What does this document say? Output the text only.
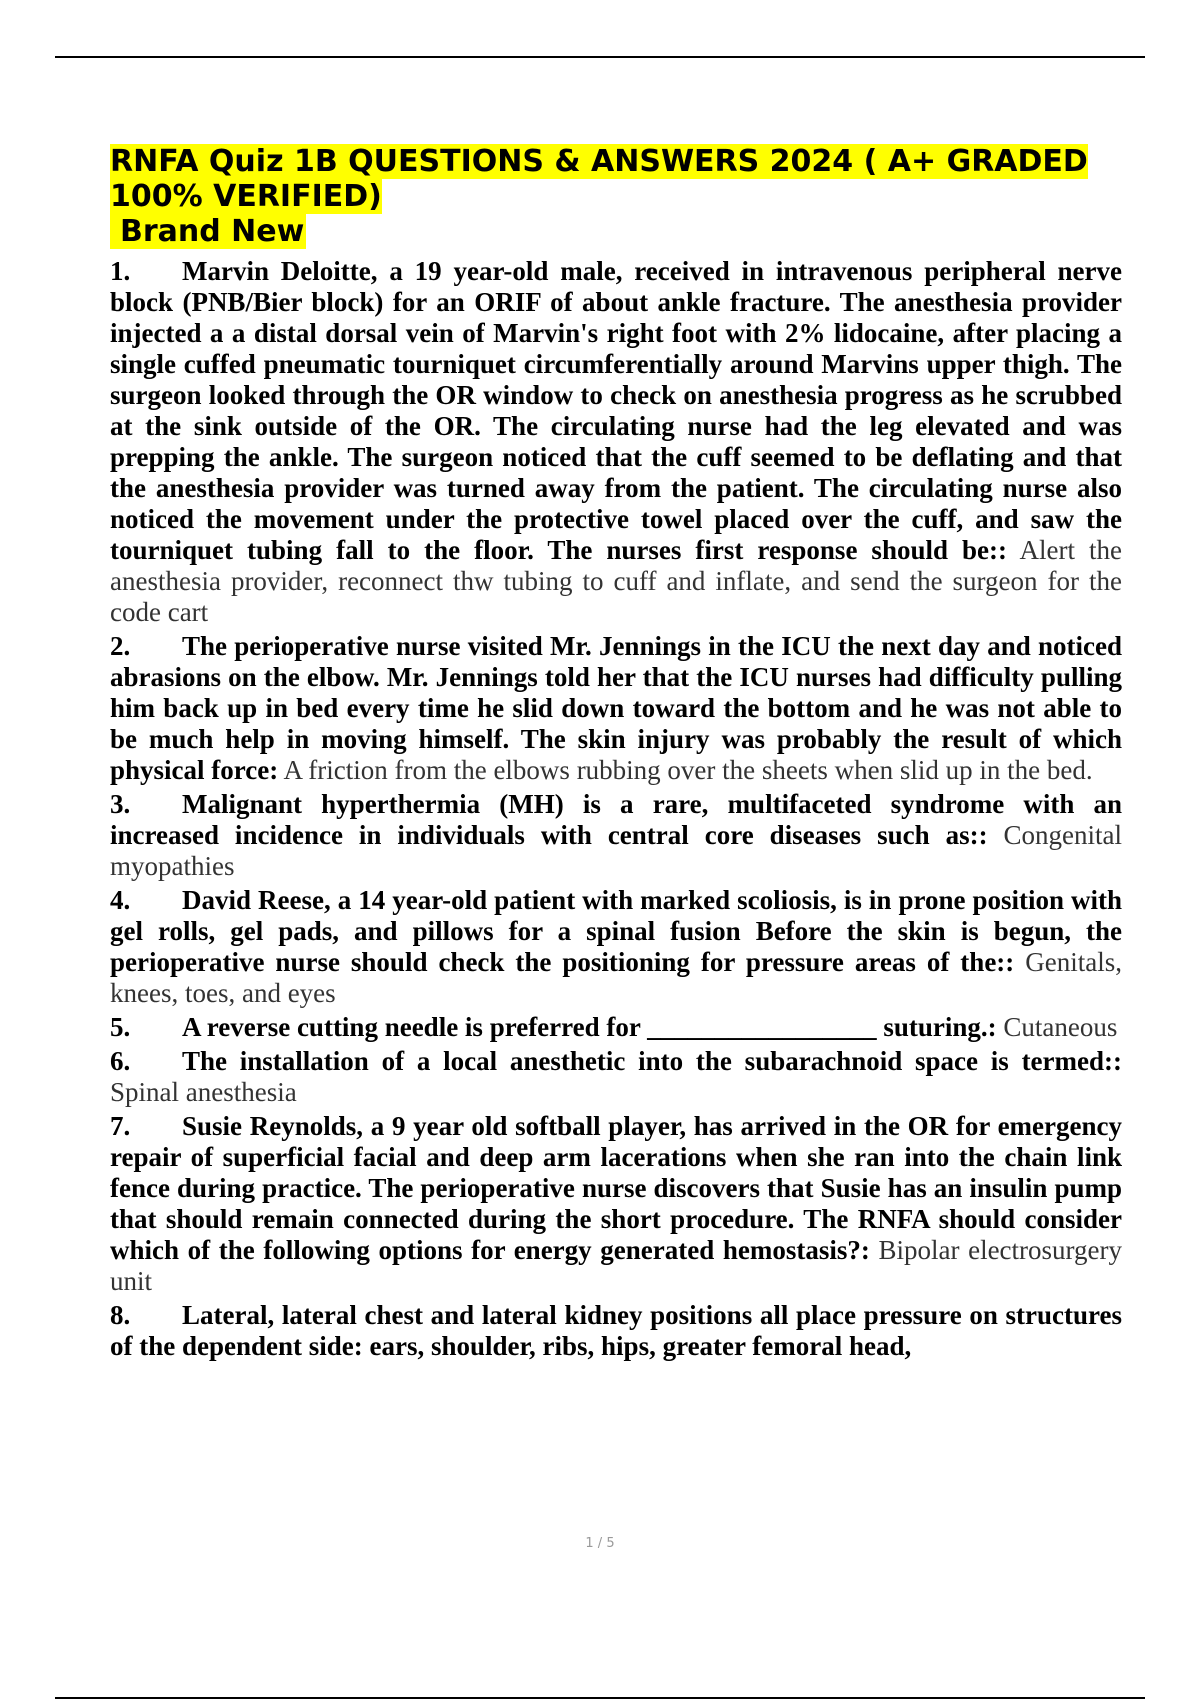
RNFA Quiz 1B QUESTIONS & ANSWERS 2024 ( A+ GRADED 100% VERIFIED)
Brand New

1. Marvin Deloitte, a 19 year-old male, received in intravenous peripheral nerve block (PNB/Bier block) for an ORIF of about ankle fracture. The anesthesia provider injected a a distal dorsal vein of Marvin's right foot with 2% lidocaine, after placing a single cuffed pneumatic tourniquet circumferentially around Marvins upper thigh. The surgeon looked through the OR window to check on anesthesia progress as he scrubbed at the sink outside of the OR. The circulating nurse had the leg elevated and was prepping the ankle. The surgeon noticed that the cuff seemed to be deflating and that the anesthesia provider was turned away from the patient. The circulating nurse also noticed the movement under the protective towel placed over the cuff, and saw the tourniquet tubing fall to the floor. The nurses first response should be:: Alert the anesthesia provider, reconnect thw tubing to cuff and inflate, and send the surgeon for the code cart

2. The perioperative nurse visited Mr. Jennings in the ICU the next day and noticed abrasions on the elbow. Mr. Jennings told her that the ICU nurses had difficulty pulling him back up in bed every time he slid down toward the bottom and he was not able to be much help in moving himself. The skin injury was probably the result of which physical force: A friction from the elbows rubbing over the sheets when slid up in the bed.

3. Malignant hyperthermia (MH) is a rare, multifaceted syndrome with an increased incidence in individuals with central core diseases such as:: Congenital myopathies

4. David Reese, a 14 year-old patient with marked scoliosis, is in prone position with gel rolls, gel pads, and pillows for a spinal fusion Before the skin is begun, the perioperative nurse should check the positioning for pressure areas of the:: Genitals, knees, toes, and eyes

5. A reverse cutting needle is preferred for _________________ suturing.: Cutaneous

6. The installation of a local anesthetic into the subarachnoid space is termed:: Spinal anesthesia

7. Susie Reynolds, a 9 year old softball player, has arrived in the OR for emergency repair of superficial facial and deep arm lacerations when she ran into the chain link fence during practice. The perioperative nurse discovers that Susie has an insulin pump that should remain connected during the short procedure. The RNFA should consider which of the following options for energy generated hemostasis?: Bipolar electrosurgery unit

8. Lateral, lateral chest and lateral kidney positions all place pressure on structures of the dependent side: ears, shoulder, ribs, hips, greater femoral head,

1 / 5
